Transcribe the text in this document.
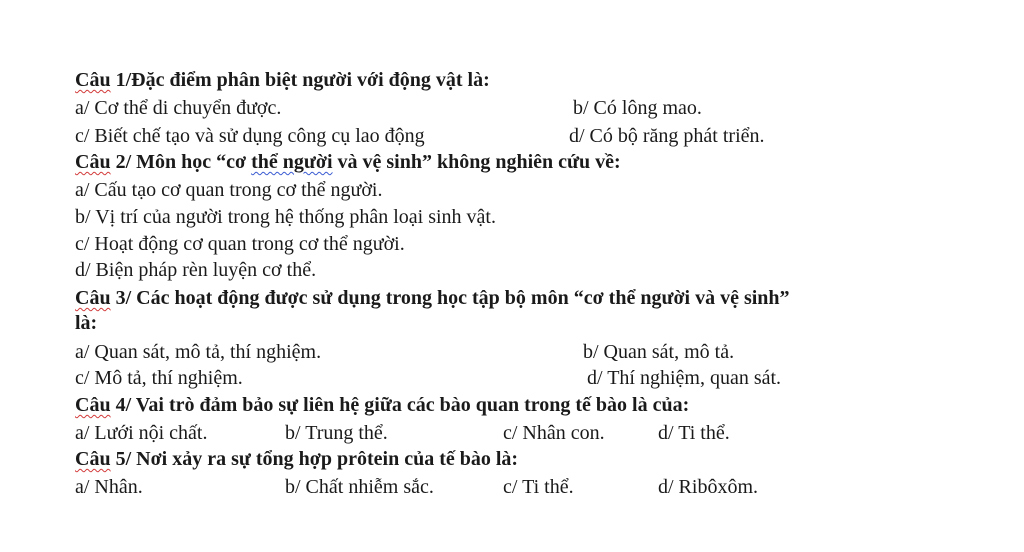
Câu 1/Đặc điểm phân biệt người với động vật là:
a/ Cơ thể di chuyển được.	b/ Có lông mao.
c/ Biết chế tạo và sử dụng công cụ lao động	d/ Có bộ răng phát triển.
Câu 2/ Môn học “cơ thể người và vệ sinh” không nghiên cứu về:
a/ Cấu tạo cơ quan trong cơ thể người.
b/ Vị trí của người trong hệ thống phân loại sinh vật.
c/ Hoạt động cơ quan trong cơ thể người.
d/ Biện pháp rèn luyện cơ thể.
Câu 3/ Các hoạt động được sử dụng trong học tập bộ môn “cơ thể người và vệ sinh”
là:
a/ Quan sát, mô tả, thí nghiệm.	b/ Quan sát, mô tả.
c/ Mô tả, thí nghiệm.	d/ Thí nghiệm, quan sát.
Câu 4/ Vai trò đảm bảo sự liên hệ giữa các bào quan trong tế bào là của:
a/ Lưới nội chất.	b/ Trung thể.	c/ Nhân con.	d/ Ti thể.
Câu 5/ Nơi xảy ra sự tổng hợp prôtein của tế bào là:
a/ Nhân.	b/ Chất nhiễm sắc.	c/ Ti thể.	d/ Ribôxôm.
